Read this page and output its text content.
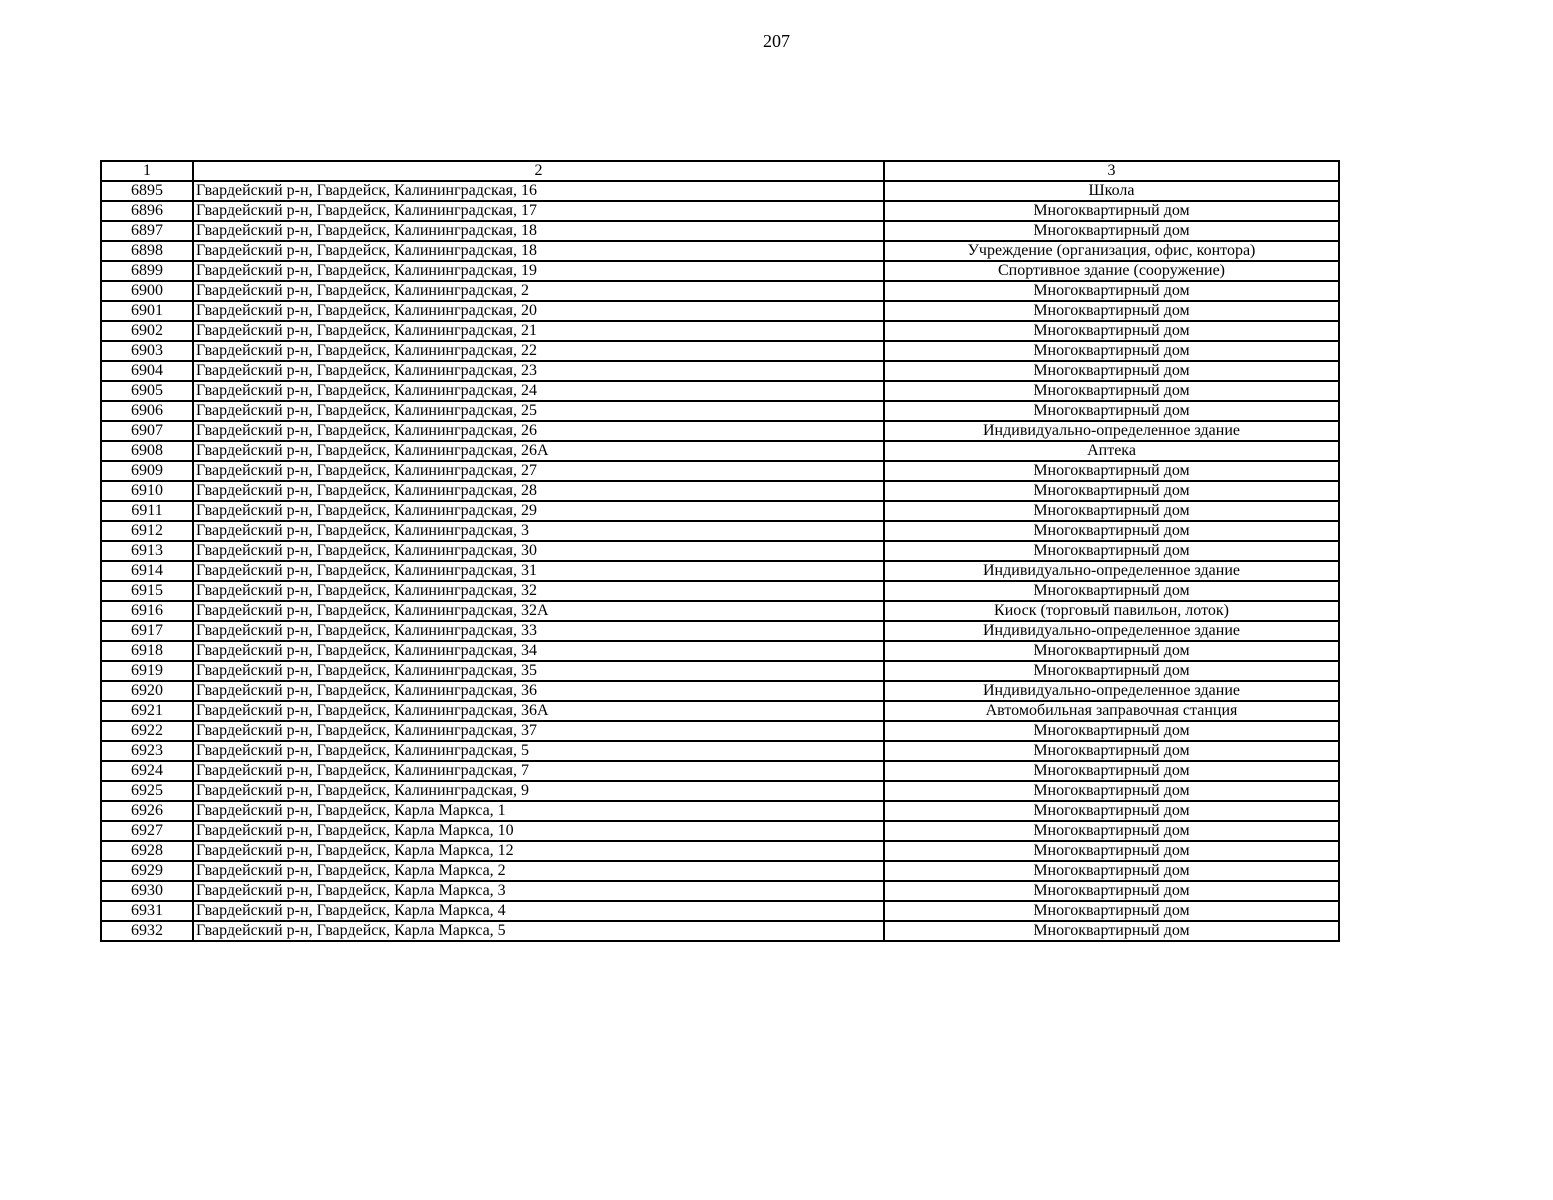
207
1	2	3
6895	Гвардейский р-н, Гвардейск, Калининградская, 16	Школа
6896	Гвардейский р-н, Гвардейск, Калининградская, 17	Многоквартирный дом
6897	Гвардейский р-н, Гвардейск, Калининградская, 18	Многоквартирный дом
6898	Гвардейский р-н, Гвардейск, Калининградская, 18	Учреждение (организация, офис, контора)
6899	Гвардейский р-н, Гвардейск, Калининградская, 19	Спортивное здание (сооружение)
6900	Гвардейский р-н, Гвардейск, Калининградская, 2	Многоквартирный дом
6901	Гвардейский р-н, Гвардейск, Калининградская, 20	Многоквартирный дом
6902	Гвардейский р-н, Гвардейск, Калининградская, 21	Многоквартирный дом
6903	Гвардейский р-н, Гвардейск, Калининградская, 22	Многоквартирный дом
6904	Гвардейский р-н, Гвардейск, Калининградская, 23	Многоквартирный дом
6905	Гвардейский р-н, Гвардейск, Калининградская, 24	Многоквартирный дом
6906	Гвардейский р-н, Гвардейск, Калининградская, 25	Многоквартирный дом
6907	Гвардейский р-н, Гвардейск, Калининградская, 26	Индивидуально-определенное здание
6908	Гвардейский р-н, Гвардейск, Калининградская, 26А	Аптека
6909	Гвардейский р-н, Гвардейск, Калининградская, 27	Многоквартирный дом
6910	Гвардейский р-н, Гвардейск, Калининградская, 28	Многоквартирный дом
6911	Гвардейский р-н, Гвардейск, Калининградская, 29	Многоквартирный дом
6912	Гвардейский р-н, Гвардейск, Калининградская, 3	Многоквартирный дом
6913	Гвардейский р-н, Гвардейск, Калининградская, 30	Многоквартирный дом
6914	Гвардейский р-н, Гвардейск, Калининградская, 31	Индивидуально-определенное здание
6915	Гвардейский р-н, Гвардейск, Калининградская, 32	Многоквартирный дом
6916	Гвардейский р-н, Гвардейск, Калининградская, 32А	Киоск (торговый павильон, лоток)
6917	Гвардейский р-н, Гвардейск, Калининградская, 33	Индивидуально-определенное здание
6918	Гвардейский р-н, Гвардейск, Калининградская, 34	Многоквартирный дом
6919	Гвардейский р-н, Гвардейск, Калининградская, 35	Многоквартирный дом
6920	Гвардейский р-н, Гвардейск, Калининградская, 36	Индивидуально-определенное здание
6921	Гвардейский р-н, Гвардейск, Калининградская, 36А	Автомобильная заправочная станция
6922	Гвардейский р-н, Гвардейск, Калининградская, 37	Многоквартирный дом
6923	Гвардейский р-н, Гвардейск, Калининградская, 5	Многоквартирный дом
6924	Гвардейский р-н, Гвардейск, Калининградская, 7	Многоквартирный дом
6925	Гвардейский р-н, Гвардейск, Калининградская, 9	Многоквартирный дом
6926	Гвардейский р-н, Гвардейск, Карла Маркса, 1	Многоквартирный дом
6927	Гвардейский р-н, Гвардейск, Карла Маркса, 10	Многоквартирный дом
6928	Гвардейский р-н, Гвардейск, Карла Маркса, 12	Многоквартирный дом
6929	Гвардейский р-н, Гвардейск, Карла Маркса, 2	Многоквартирный дом
6930	Гвардейский р-н, Гвардейск, Карла Маркса, 3	Многоквартирный дом
6931	Гвардейский р-н, Гвардейск, Карла Маркса, 4	Многоквартирный дом
6932	Гвардейский р-н, Гвардейск, Карла Маркса, 5	Многоквартирный дом
